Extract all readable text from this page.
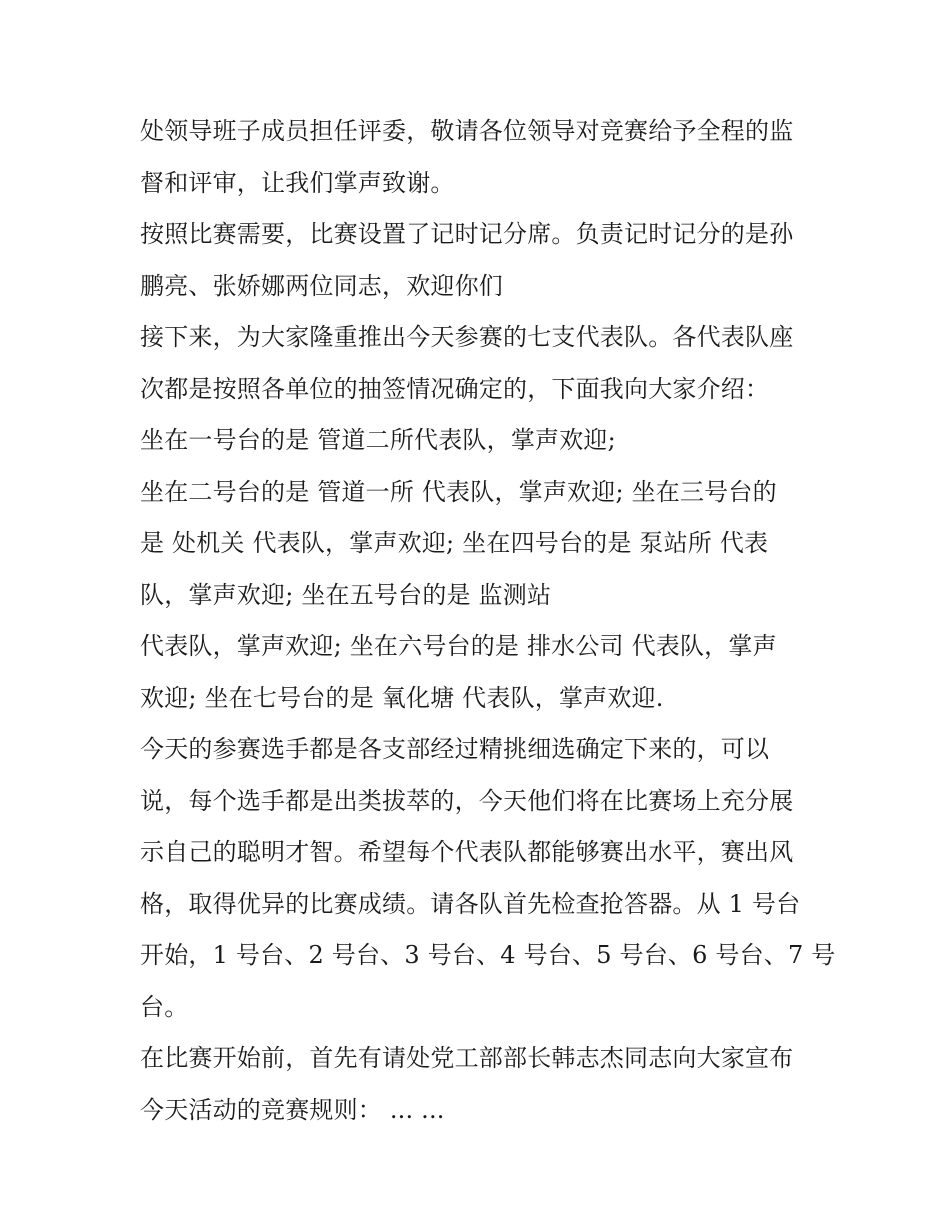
处领导班子成员担任评委，敬请各位领导对竞赛给予全程的监
督和评审，让我们掌声致谢。
按照比赛需要，比赛设置了记时记分席。负责记时记分的是孙
鹏亮、张娇娜两位同志，欢迎你们
接下来，为大家隆重推出今天参赛的七支代表队。各代表队座
次都是按照各单位的抽签情况确定的，下面我向大家介绍：
坐在一号台的是 管道二所代表队，掌声欢迎;
坐在二号台的是 管道一所 代表队，掌声欢迎; 坐在三号台的
是 处机关 代表队，掌声欢迎; 坐在四号台的是 泵站所 代表
队，掌声欢迎; 坐在五号台的是 监测站
代表队，掌声欢迎; 坐在六号台的是 排水公司 代表队，掌声
欢迎; 坐在七号台的是 氧化塘 代表队，掌声欢迎.
今天的参赛选手都是各支部经过精挑细选确定下来的，可以
说，每个选手都是出类拔萃的，今天他们将在比赛场上充分展
示自己的聪明才智。希望每个代表队都能够赛出水平，赛出风
格，取得优异的比赛成绩。请各队首先检查抢答器。从 1 号台
开始，1 号台、2 号台、3 号台、4 号台、5 号台、6 号台、7 号
台。
在比赛开始前，首先有请处党工部部长韩志杰同志向大家宣布
今天活动的竞赛规则： ... ...
